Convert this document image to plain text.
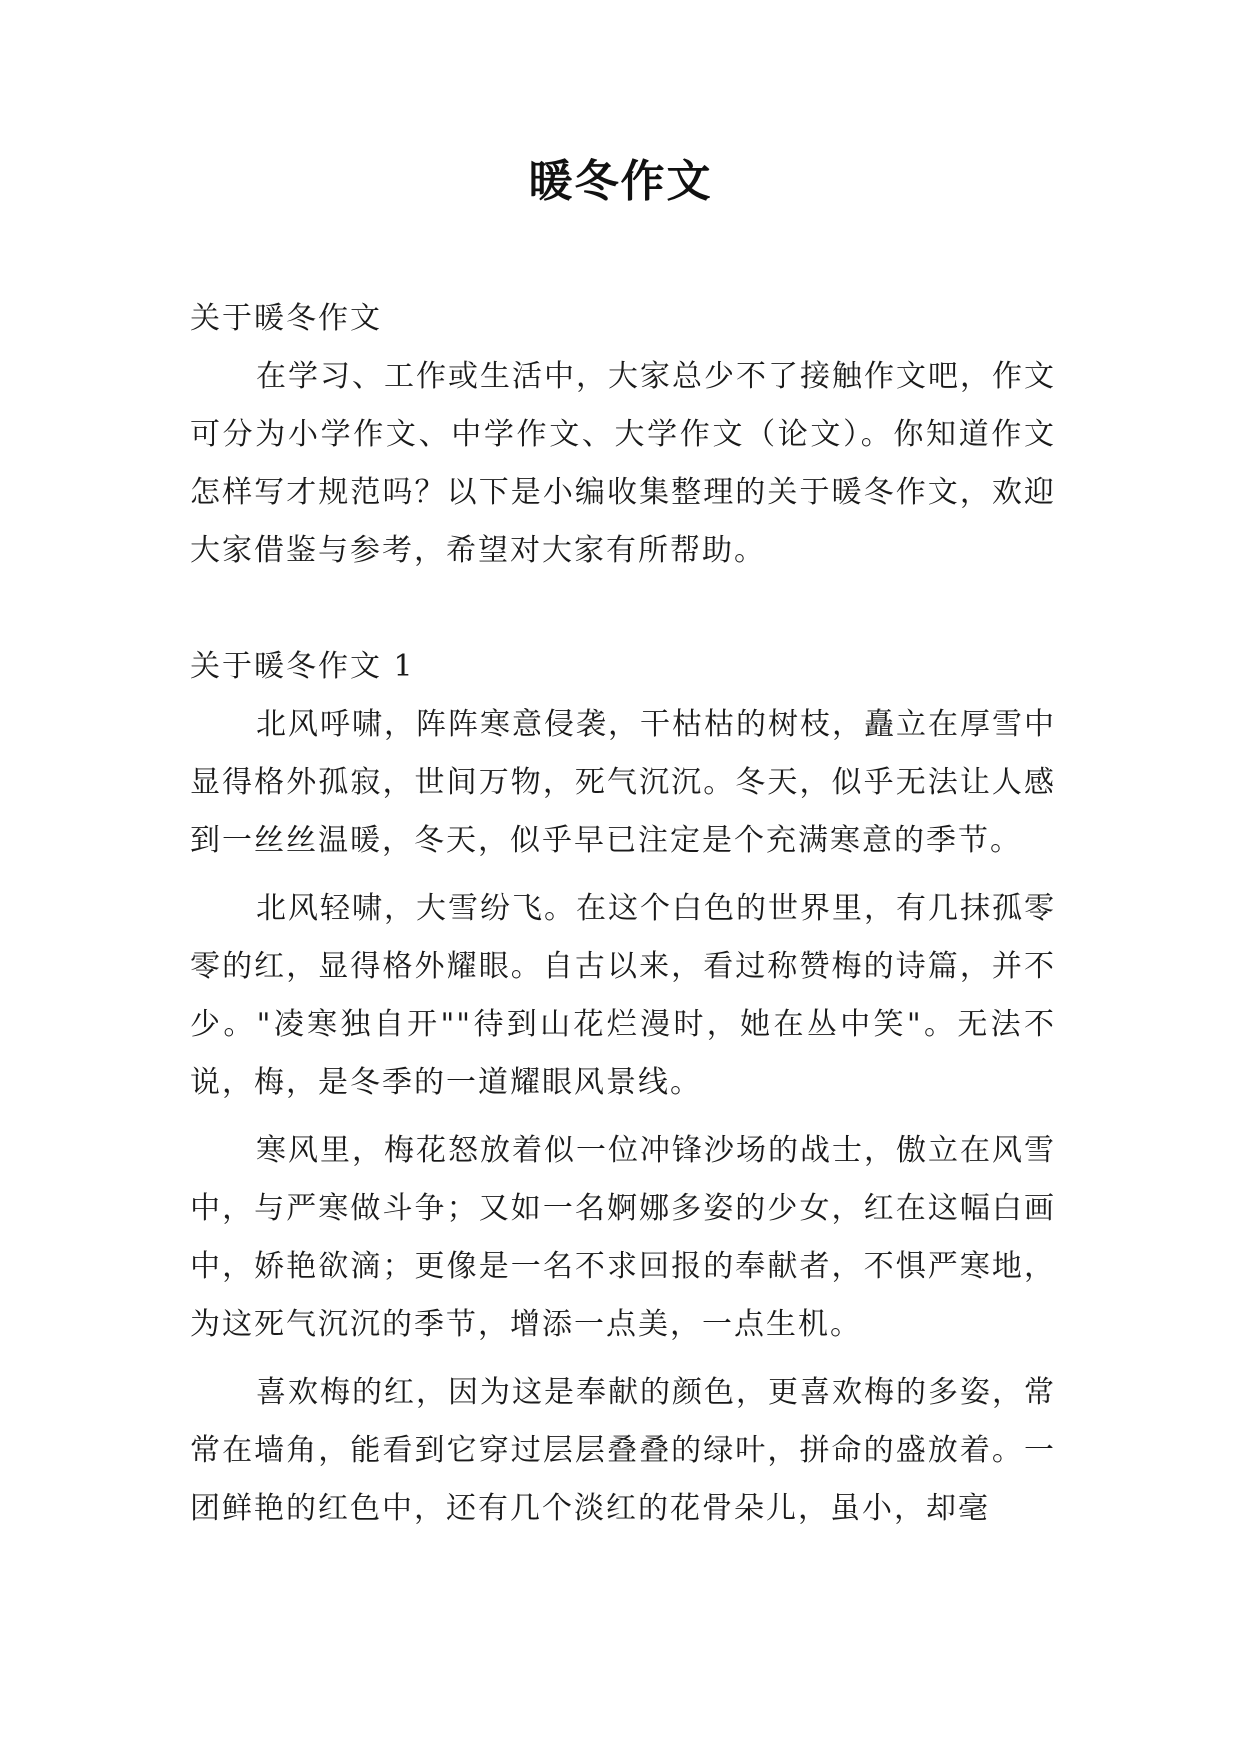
暖冬作文

关于暖冬作文

在学习、工作或生活中，大家总少不了接触作文吧，作文可分为小学作文、中学作文、大学作文（论文）。你知道作文怎样写才规范吗？以下是小编收集整理的关于暖冬作文，欢迎大家借鉴与参考，希望对大家有所帮助。

关于暖冬作文 1

北风呼啸，阵阵寒意侵袭，干枯枯的树枝，矗立在厚雪中显得格外孤寂，世间万物，死气沉沉。冬天，似乎无法让人感到一丝丝温暖，冬天，似乎早已注定是个充满寒意的季节。

北风轻啸，大雪纷飞。在这个白色的世界里，有几抹孤零零的红，显得格外耀眼。自古以来，看过称赞梅的诗篇，并不少。"凌寒独自开""待到山花烂漫时，她在丛中笑"。无法不说，梅，是冬季的一道耀眼风景线。

寒风里，梅花怒放着似一位冲锋沙场的战士，傲立在风雪中，与严寒做斗争；又如一名婀娜多姿的少女，红在这幅白画中，娇艳欲滴；更像是一名不求回报的奉献者，不惧严寒地，为这死气沉沉的季节，增添一点美，一点生机。

喜欢梅的红，因为这是奉献的颜色，更喜欢梅的多姿，常常在墙角，能看到它穿过层层叠叠的绿叶，拼命的盛放着。一团鲜艳的红色中，还有几个淡红的花骨朵儿，虽小，却毫
